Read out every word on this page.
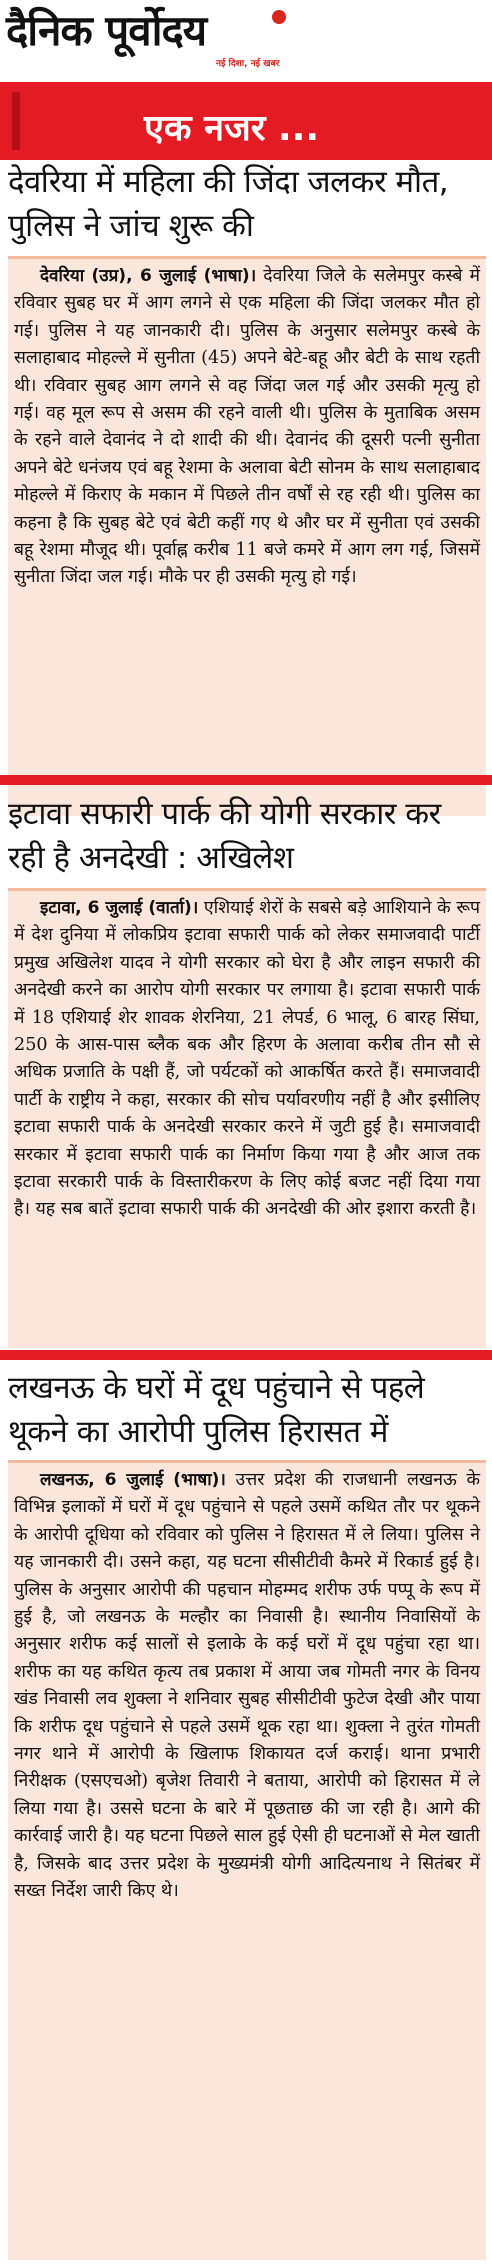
दैनिक पूर्वोदय
नई दिशा, नई खबर
एक नजर ...
देवरिया में महिला की जिंदा जलकर मौत, पुलिस ने जांच शुरू की

देवरिया (उप्र), 6 जुलाई (भाषा)। देवरिया जिले के सलेमपुर कस्बे में रविवार सुबह घर में आग लगने से एक महिला की जिंदा जलकर मौत हो गई। पुलिस ने यह जानकारी दी। पुलिस के अनुसार सलेमपुर कस्बे के सलाहाबाद मोहल्ले में सुनीता (45) अपने बेटे-बहू और बेटी के साथ रहती थी। रविवार सुबह आग लगने से वह जिंदा जल गई और उसकी मृत्यु हो गई। वह मूल रूप से असम की रहने वाली थी। पुलिस के मुताबिक असम के रहने वाले देवानंद ने दो शादी की थी। देवानंद की दूसरी पत्नी सुनीता अपने बेटे धनंजय एवं बहू रेशमा के अलावा बेटी सोनम के साथ सलाहाबाद मोहल्ले में किराए के मकान में पिछले तीन वर्षों से रह रही थी। पुलिस का कहना है कि सुबह बेटे एवं बेटी कहीं गए थे और घर में सुनीता एवं उसकी बहू रेशमा मौजूद थी। पूर्वाह्न करीब 11 बजे कमरे में आग लग गई, जिसमें सुनीता जिंदा जल गई। मौके पर ही उसकी मृत्यु हो गई।

इटावा सफारी पार्क की योगी सरकार कर रही है अनदेखी : अखिलेश

इटावा, 6 जुलाई (वार्ता)। एशियाई शेरों के सबसे बड़े आशियाने के रूप में देश दुनिया में लोकप्रिय इटावा सफारी पार्क को लेकर समाजवादी पार्टी प्रमुख अखिलेश यादव ने योगी सरकार को घेरा है और लाइन सफारी की अनदेखी करने का आरोप योगी सरकार पर लगाया है। इटावा सफारी पार्क में 18 एशियाई शेर शावक शेरनिया, 21 लेपर्ड, 6 भालू, 6 बारह सिंघा, 250 के आस-पास ब्लैक बक और हिरण के अलावा करीब तीन सौ से अधिक प्रजाति के पक्षी हैं, जो पर्यटकों को आकर्षित करते हैं। समाजवादी पार्टी के राष्ट्रीय ने कहा, सरकार की सोच पर्यावरणीय नहीं है और इसीलिए इटावा सफारी पार्क के अनदेखी सरकार करने में जुटी हुई है। समाजवादी सरकार में इटावा सफारी पार्क का निर्माण किया गया है और आज तक इटावा सरकारी पार्क के विस्तारीकरण के लिए कोई बजट नहीं दिया गया है। यह सब बातें इटावा सफारी पार्क की अनदेखी की ओर इशारा करती है।

लखनऊ के घरों में दूध पहुंचाने से पहले थूकने का आरोपी पुलिस हिरासत में

लखनऊ, 6 जुलाई (भाषा)। उत्तर प्रदेश की राजधानी लखनऊ के विभिन्न इलाकों में घरों में दूध पहुंचाने से पहले उसमें कथित तौर पर थूकने के आरोपी दूधिया को रविवार को पुलिस ने हिरासत में ले लिया। पुलिस ने यह जानकारी दी। उसने कहा, यह घटना सीसीटीवी कैमरे में रिकार्ड हुई है। पुलिस के अनुसार आरोपी की पहचान मोहम्मद शरीफ उर्फ पप्पू के रूप में हुई है, जो लखनऊ के मल्हौर का निवासी है। स्थानीय निवासियों के अनुसार शरीफ कई सालों से इलाके के कई घरों में दूध पहुंचा रहा था। शरीफ का यह कथित कृत्य तब प्रकाश में आया जब गोमती नगर के विनय खंड निवासी लव शुक्ला ने शनिवार सुबह सीसीटीवी फुटेज देखी और पाया कि शरीफ दूध पहुंचाने से पहले उसमें थूक रहा था। शुक्ला ने तुरंत गोमती नगर थाने में आरोपी के खिलाफ शिकायत दर्ज कराई। थाना प्रभारी निरीक्षक (एसएचओ) बृजेश तिवारी ने बताया, आरोपी को हिरासत में ले लिया गया है। उससे घटना के बारे में पूछताछ की जा रही है। आगे की कार्रवाई जारी है। यह घटना पिछले साल हुई ऐसी ही घटनाओं से मेल खाती है, जिसके बाद उत्तर प्रदेश के मुख्यमंत्री योगी आदित्यनाथ ने सितंबर में सख्त निर्देश जारी किए थे।
